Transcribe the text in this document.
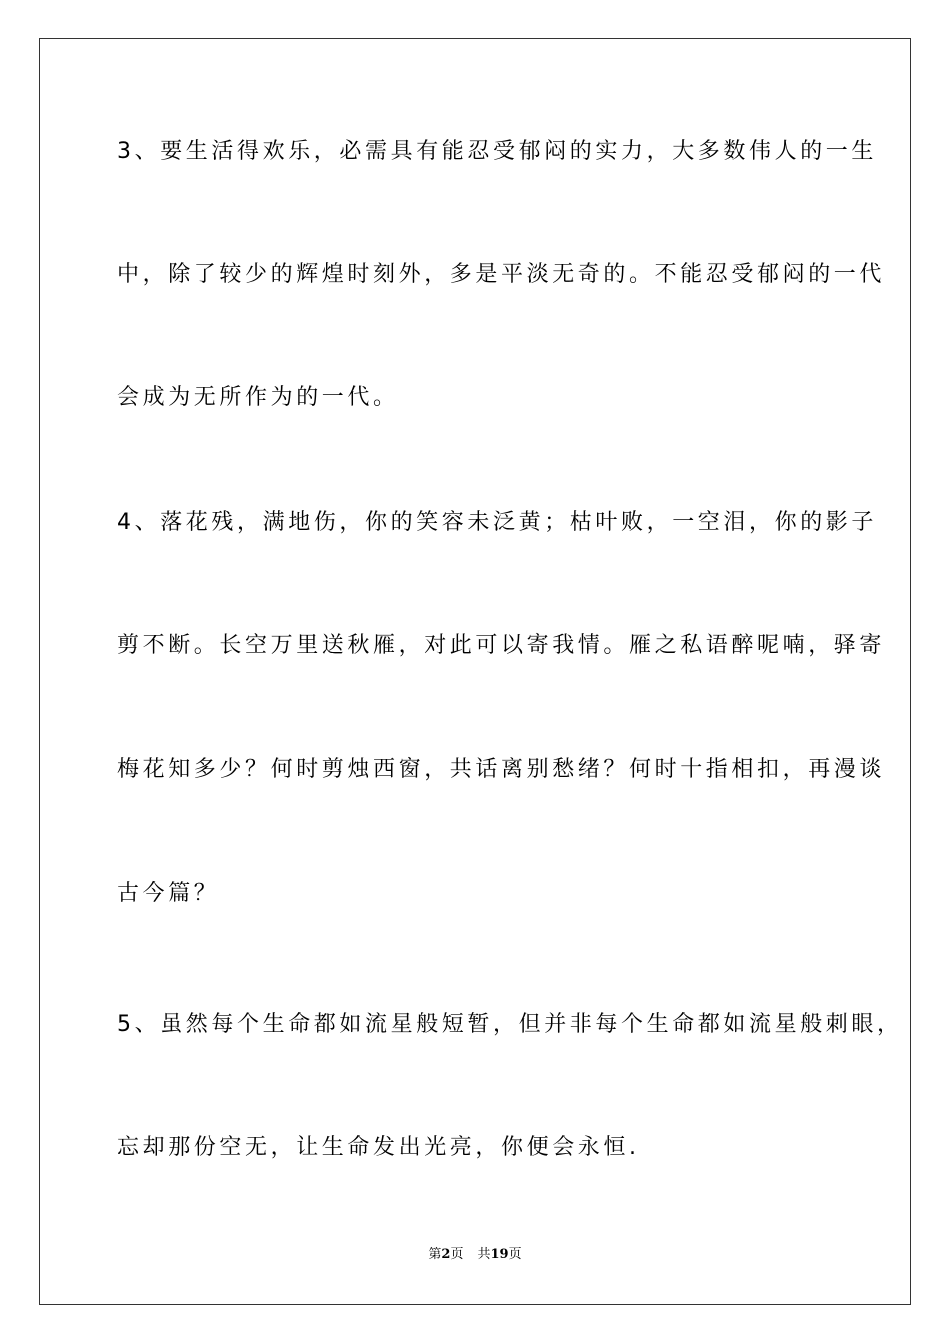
3、要生活得欢乐，必需具有能忍受郁闷的实力，大多数伟人的一生

中，除了较少的辉煌时刻外，多是平淡无奇的。不能忍受郁闷的一代

会成为无所作为的一代。

4、落花残，满地伤，你的笑容未泛黄；枯叶败，一空泪，你的影子

剪不断。长空万里送秋雁，对此可以寄我情。雁之私语醉呢喃，驿寄

梅花知多少？何时剪烛西窗，共话离别愁绪？何时十指相扣，再漫谈

古今篇？

5、虽然每个生命都如流星般短暂，但并非每个生命都如流星般刺眼，

忘却那份空无，让生命发出光亮，你便会永恒.

第2页 共19页
